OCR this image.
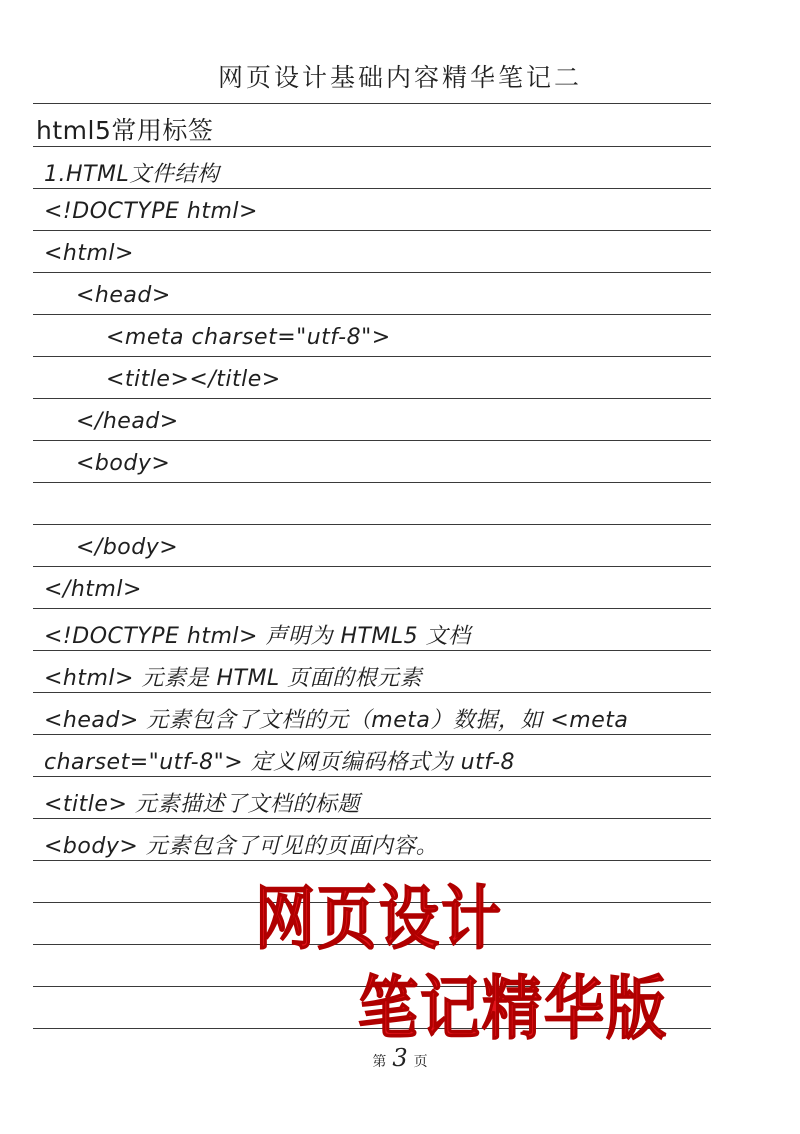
网页设计基础内容精华笔记二
html5常用标签
1.HTML文件结构
<!DOCTYPE html>
<html>
<head>
<meta charset="utf-8">
<title></title>
</head>
<body>
</body>
</html>
<!DOCTYPE html> 声明为 HTML5 文档
<html> 元素是 HTML 页面的根元素
<head> 元素包含了文档的元（meta）数据，如 <meta
charset="utf-8"> 定义网页编码格式为 utf-8
<title> 元素描述了文档的标题
<body> 元素包含了可见的页面内容。
网页设计
笔记精华版
第 3 页
